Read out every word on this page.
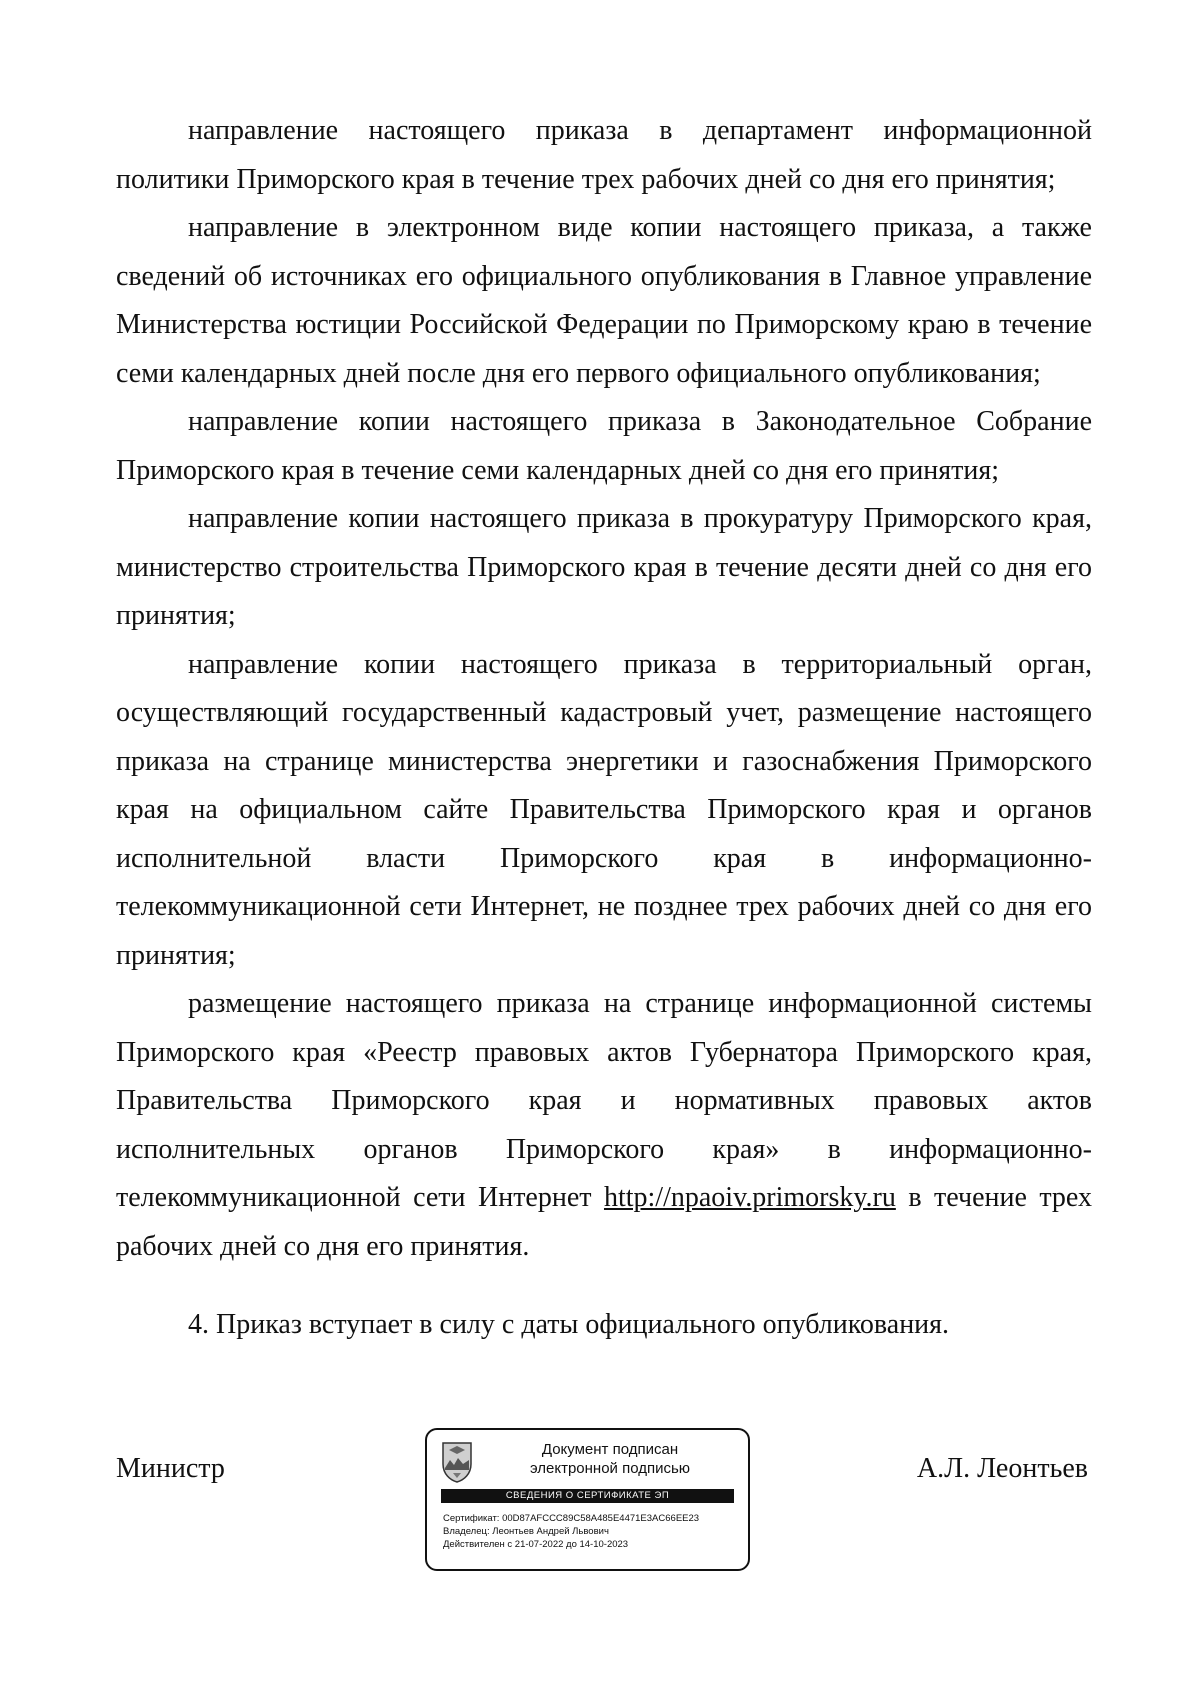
направление настоящего приказа в департамент информационной политики Приморского края в течение трех рабочих дней со дня его принятия;

направление в электронном виде копии настоящего приказа, а также сведений об источниках его официального опубликования в Главное управление Министерства юстиции Российской Федерации по Приморскому краю в течение семи календарных дней после дня его первого официального опубликования;

направление копии настоящего приказа в Законодательное Собрание Приморского края в течение семи календарных дней со дня его принятия;

направление копии настоящего приказа в прокуратуру Приморского края, министерство строительства Приморского края в течение десяти дней со дня его принятия;

направление копии настоящего приказа в территориальный орган, осуществляющий государственный кадастровый учет, размещение настоящего приказа на странице министерства энергетики и газоснабжения Приморского края на официальном сайте Правительства Приморского края и органов исполнительной власти Приморского края в информационно-телекоммуникационной сети Интернет, не позднее трех рабочих дней со дня его принятия;

размещение настоящего приказа на странице информационной системы Приморского края «Реестр правовых актов Губернатора Приморского края, Правительства Приморского края и нормативных правовых актов исполнительных органов Приморского края» в информационно-телекоммуникационной сети Интернет http://npaoiv.primorsky.ru в течение трех рабочих дней со дня его принятия.

4. Приказ вступает в силу с даты официального опубликования.

Министр
Документ подписан
электронной подписью
СВЕДЕНИЯ О СЕРТИФИКАТЕ ЭП
Сертификат: 00D87AFCCC89C58A485E4471E3AC66EE23
Владелец: Леонтьев Андрей Львович
Действителен с 21-07-2022 до 14-10-2023
А.Л. Леонтьев
